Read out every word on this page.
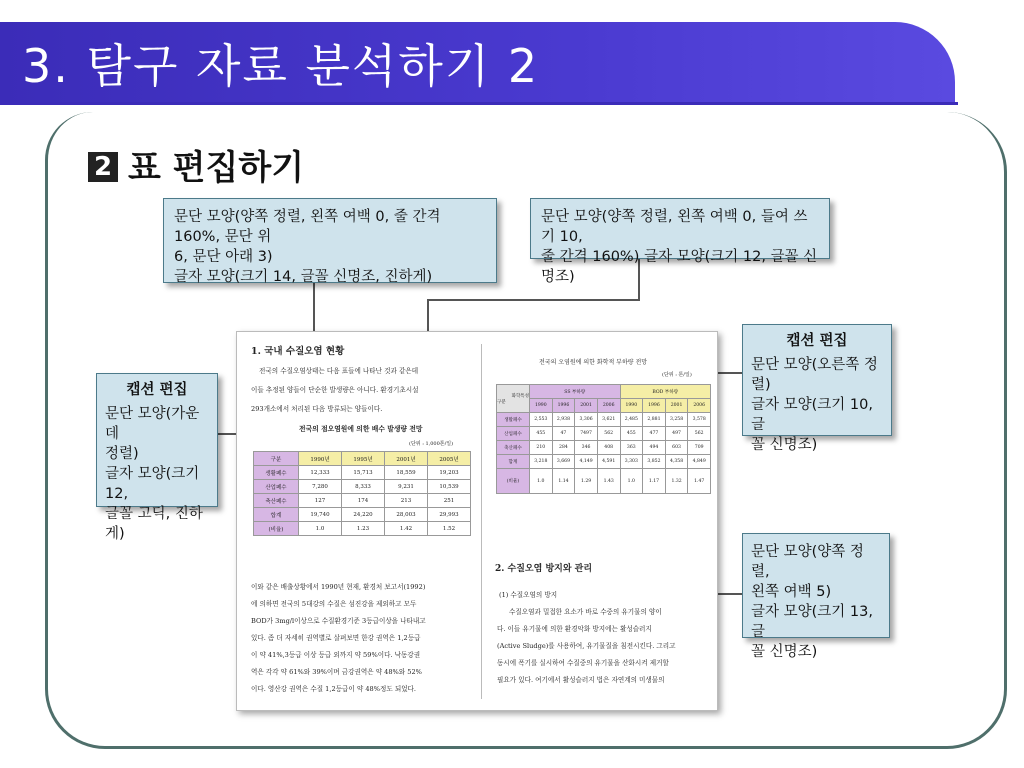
3. 탐구 자료 분석하기 2
2 표 편집하기
문단 모양(양쪽 정렬, 왼쪽 여백 0, 줄 간격 160%, 문단 위
6, 문단 아래 3)
글자 모양(크기 14, 글꼴 신명조, 진하게)
문단 모양(양쪽 정렬, 왼쪽 여백 0, 들여 쓰기 10,
줄 간격 160%) 글자 모양(크기 12, 글꼴 신명조)
캡션 편집
문단 모양(가운데
정렬)
글자 모양(크기 12,
글꼴 고딕, 진하게)
캡션 편집
문단 모양(오른쪽 정렬)
글자 모양(크기 10, 글
꼴 신명조)
문단 모양(양쪽 정렬,
왼쪽 여백 5)
글자 모양(크기 13, 글
꼴 신명조)
1. 국내 수질오염 현황
전국의 수질오염상태는 다음 표들에 나타난 것과 같은데
이들 추정된 양들이 단순한 발생량은 아니다. 환경기초시설
293개소에서 처리된 다음 방류되는 양들이다.
전국의 점오염원에 의한 배수 발생량 전망
(단위 : 1,000톤/일)
구분	1990년	1995년	2001년	2005년
생활폐수	12,333	15,713	18,559	19,203
산업폐수	7,280	8,333	9,231	10,539
축산폐수	127	174	213	251
합계	19,740	24,220	28,003	29,993
(비율)	1.0	1.23	1.42	1.52
이와 같은 배출상황에서 1990년 현재, 환경처 보고서(1992)
에 의하면 전국의 5대강의 수질은 섬진강을 제외하고 모두
BOD가 3mg/l이상으로 수질환경기준 3등급이상을 나타내고
있다. 좀 더 자세히 권역별로 살펴보면 한강 권역은 1,2등급
이 약 41%,3등급 이상 등급 외까지 약 59%이다. 낙동강권
역은 각각 약 61%와 39%이며 금강권역은 약 48%와 52%
이다. 영산강 권역은 수질 1,2등급이 약 48%정도 되었다.
전국의 오염원에 의한 화학적 부하량 전망
(단위 : 톤/일)
화학특성
구분	SS 부하량				BOD 부하량			
	1990	1996	2001	2006	1990	1996	2001	2006
생활폐수	2,553	2,938	3,306	3,621	2,485	2,881	3,258	3,578
산업폐수	455	47	7497	562	455	477	497	562
축산폐수	210	284	346	408	363	494	603	709
합계	3,218	3,669	4,149	4,591	3,303	3,852	4,358	4,849
(비율)	1.0	1.14	1.29	1.43	1.0	1.17	1.32	1.47
2. 수질오염 방지와 관리
(1) 수질오염의 방지
수질오염과 밀접한 요소가 바로 수중의 유기물의 양이
다. 이들 유기물에 의한 환경악화 방지에는 활성슬러지
(Active Sludge)를 사용하여, 유기물질을 침전시킨다. 그리고
동시에 폭기를 실시하여 수질중의 유기물을 산화시켜 제거할
필요가 있다. 여기에서 활성슬러지 법은 자연계의 미생물의
